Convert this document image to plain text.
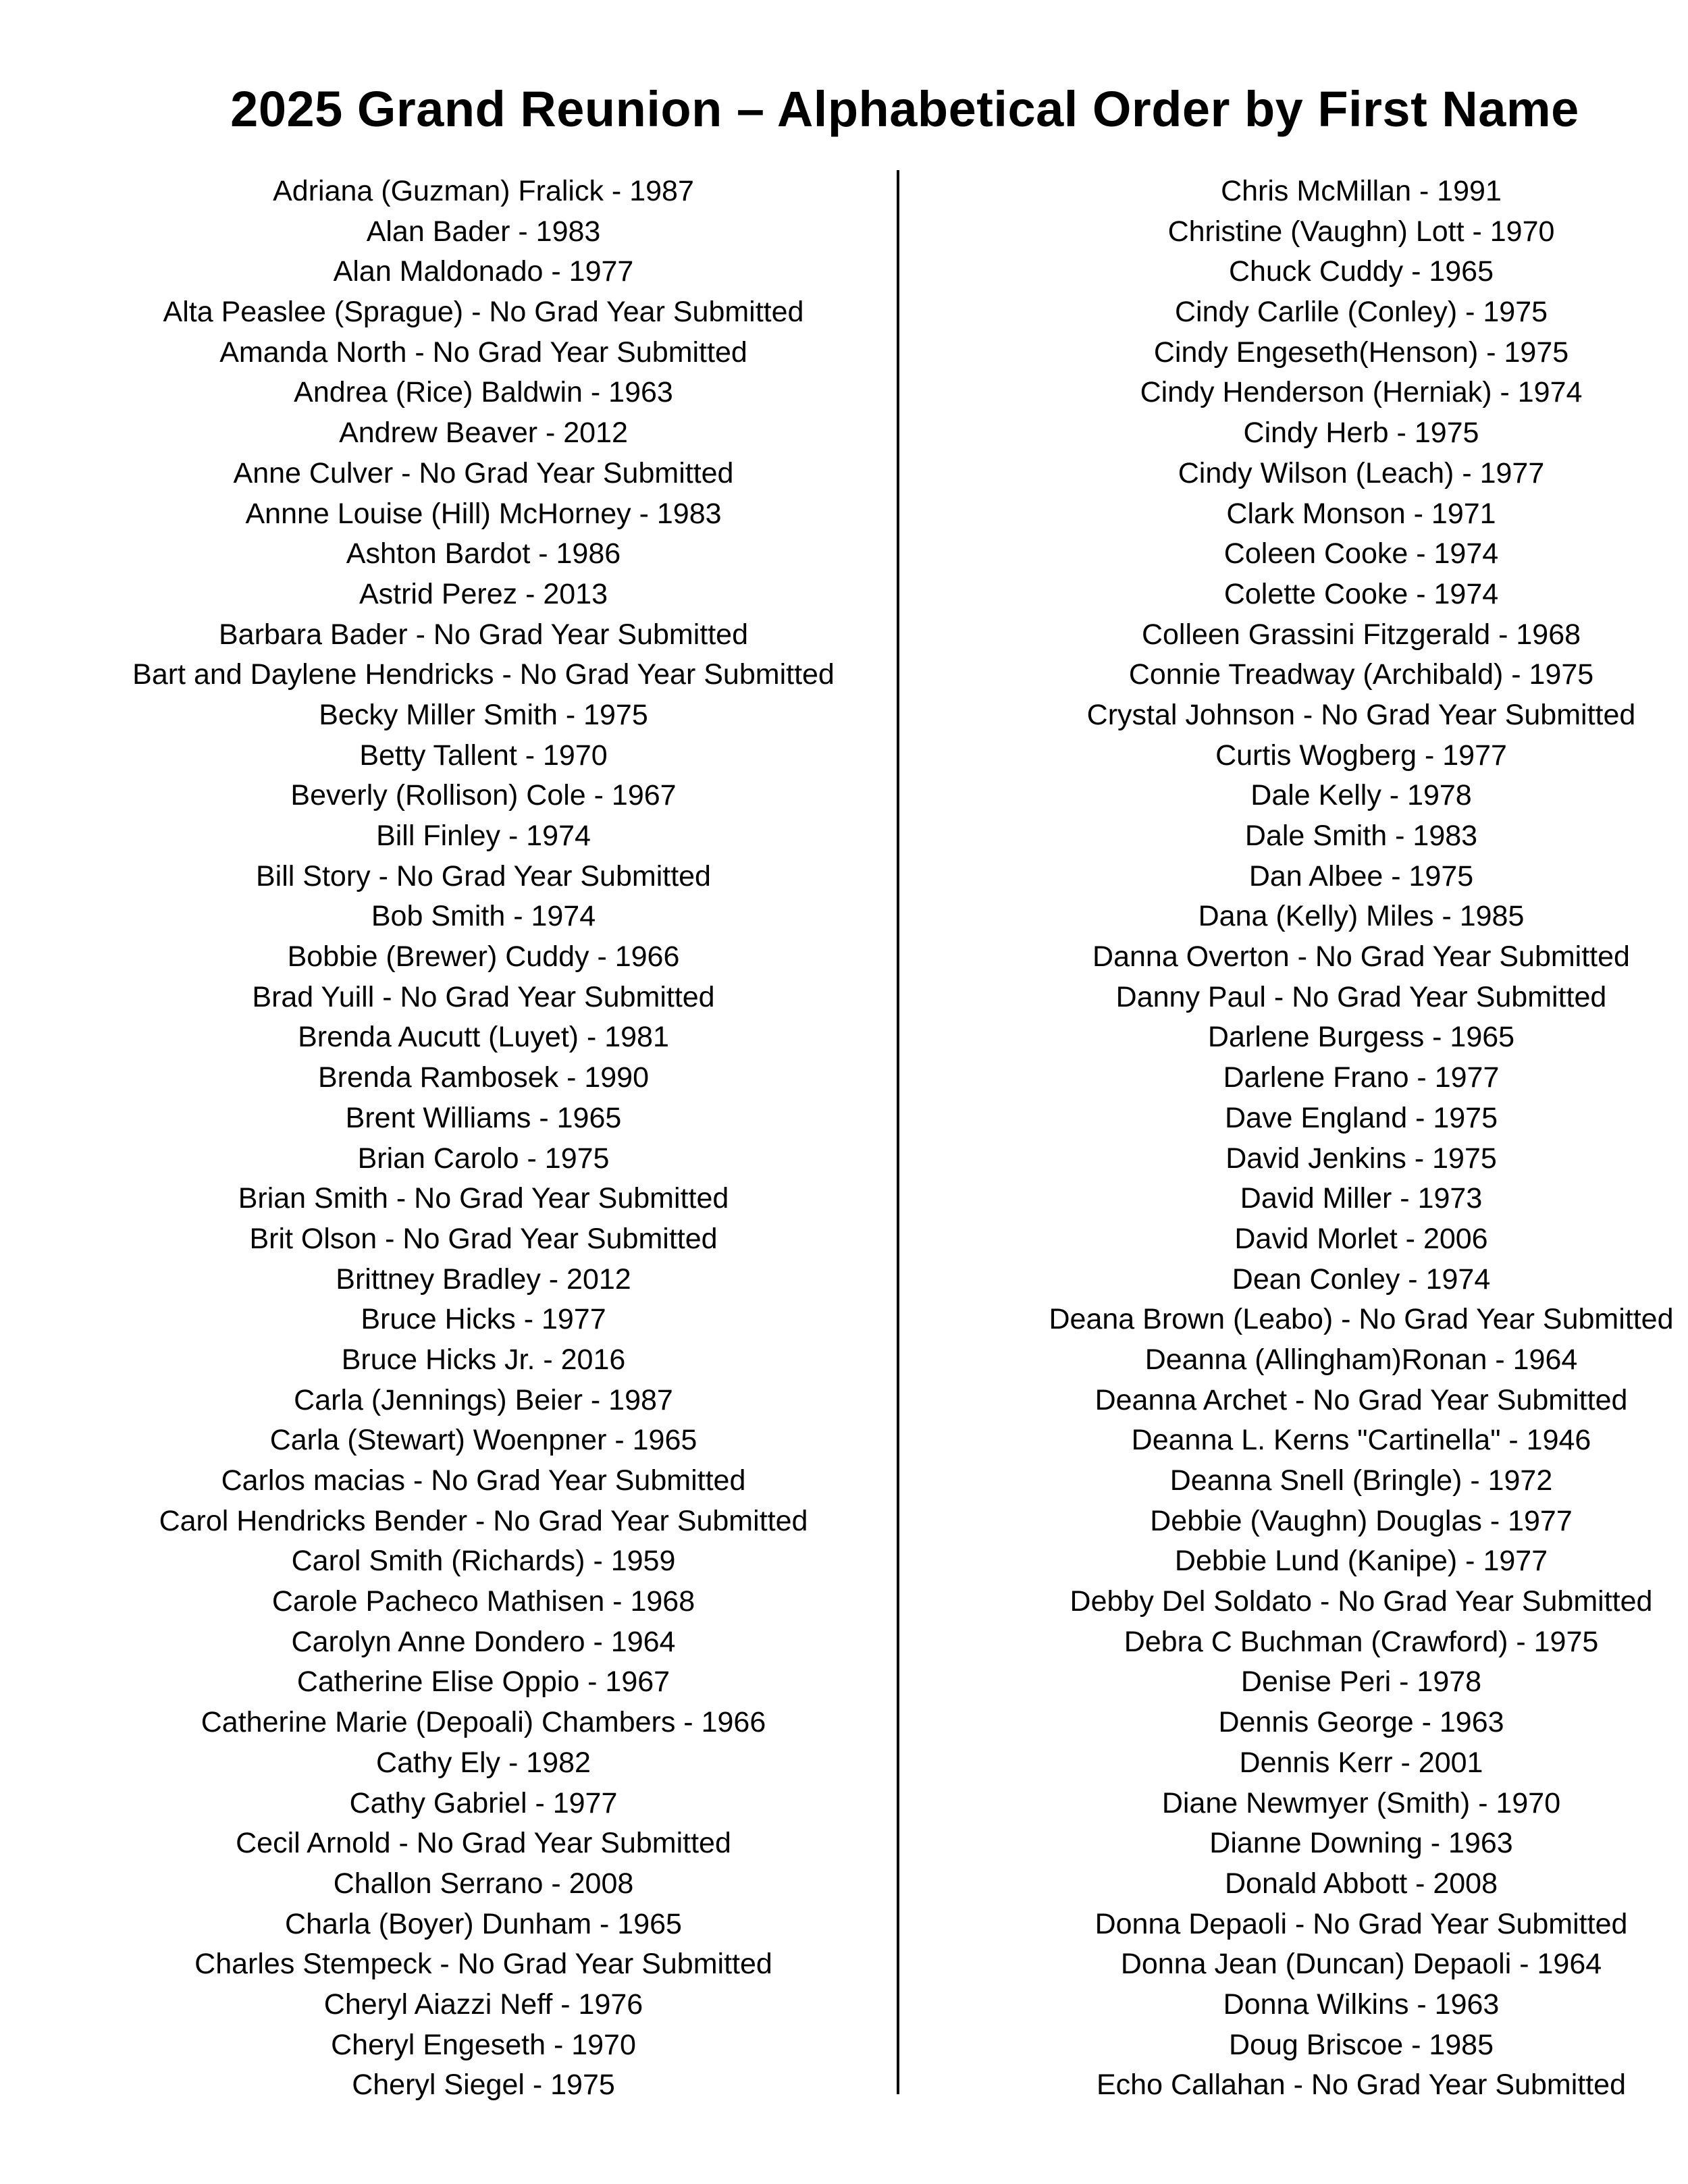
2025 Grand Reunion – Alphabetical Order by First Name
Adriana (Guzman) Fralick - 1987
Alan Bader - 1983
Alan Maldonado - 1977
Alta Peaslee (Sprague) - No Grad Year Submitted
Amanda North - No Grad Year Submitted
Andrea (Rice) Baldwin - 1963
Andrew Beaver - 2012
Anne Culver - No Grad Year Submitted
Annne Louise (Hill) McHorney - 1983
Ashton Bardot - 1986
Astrid Perez - 2013
Barbara Bader - No Grad Year Submitted
Bart and Daylene Hendricks - No Grad Year Submitted
Becky Miller Smith - 1975
Betty Tallent - 1970
Beverly (Rollison) Cole - 1967
Bill Finley - 1974
Bill Story - No Grad Year Submitted
Bob Smith - 1974
Bobbie (Brewer) Cuddy - 1966
Brad Yuill - No Grad Year Submitted
Brenda Aucutt (Luyet) - 1981
Brenda Rambosek - 1990
Brent Williams - 1965
Brian Carolo - 1975
Brian Smith - No Grad Year Submitted
Brit Olson - No Grad Year Submitted
Brittney Bradley - 2012
Bruce Hicks - 1977
Bruce Hicks Jr. - 2016
Carla (Jennings) Beier - 1987
Carla (Stewart) Woenpner - 1965
Carlos macias - No Grad Year Submitted
Carol Hendricks Bender - No Grad Year Submitted
Carol Smith (Richards) - 1959
Carole Pacheco Mathisen - 1968
Carolyn Anne Dondero - 1964
Catherine Elise Oppio - 1967
Catherine Marie (Depoali) Chambers - 1966
Cathy Ely - 1982
Cathy Gabriel - 1977
Cecil Arnold - No Grad Year Submitted
Challon Serrano - 2008
Charla (Boyer) Dunham - 1965
Charles Stempeck - No Grad Year Submitted
Cheryl Aiazzi Neff - 1976
Cheryl Engeseth - 1970
Cheryl Siegel - 1975
Chris McMillan - 1991
Christine (Vaughn) Lott - 1970
Chuck Cuddy - 1965
Cindy Carlile (Conley) - 1975
Cindy Engeseth(Henson) - 1975
Cindy Henderson (Herniak) - 1974
Cindy Herb - 1975
Cindy Wilson (Leach) - 1977
Clark Monson - 1971
Coleen Cooke - 1974
Colette Cooke - 1974
Colleen Grassini Fitzgerald - 1968
Connie Treadway (Archibald) - 1975
Crystal Johnson - No Grad Year Submitted
Curtis Wogberg - 1977
Dale Kelly - 1978
Dale Smith - 1983
Dan Albee - 1975
Dana (Kelly) Miles - 1985
Danna Overton - No Grad Year Submitted
Danny Paul - No Grad Year Submitted
Darlene Burgess - 1965
Darlene Frano - 1977
Dave England - 1975
David Jenkins - 1975
David Miller - 1973
David Morlet - 2006
Dean Conley - 1974
Deana Brown (Leabo) - No Grad Year Submitted
Deanna (Allingham)Ronan - 1964
Deanna Archet - No Grad Year Submitted
Deanna L. Kerns "Cartinella" - 1946
Deanna Snell (Bringle) - 1972
Debbie (Vaughn) Douglas - 1977
Debbie Lund (Kanipe) - 1977
Debby Del Soldato - No Grad Year Submitted
Debra C Buchman (Crawford) - 1975
Denise Peri - 1978
Dennis George - 1963
Dennis Kerr - 2001
Diane Newmyer (Smith) - 1970
Dianne Downing - 1963
Donald Abbott - 2008
Donna Depaoli - No Grad Year Submitted
Donna Jean (Duncan) Depaoli - 1964
Donna Wilkins - 1963
Doug Briscoe - 1985
Echo Callahan - No Grad Year Submitted
